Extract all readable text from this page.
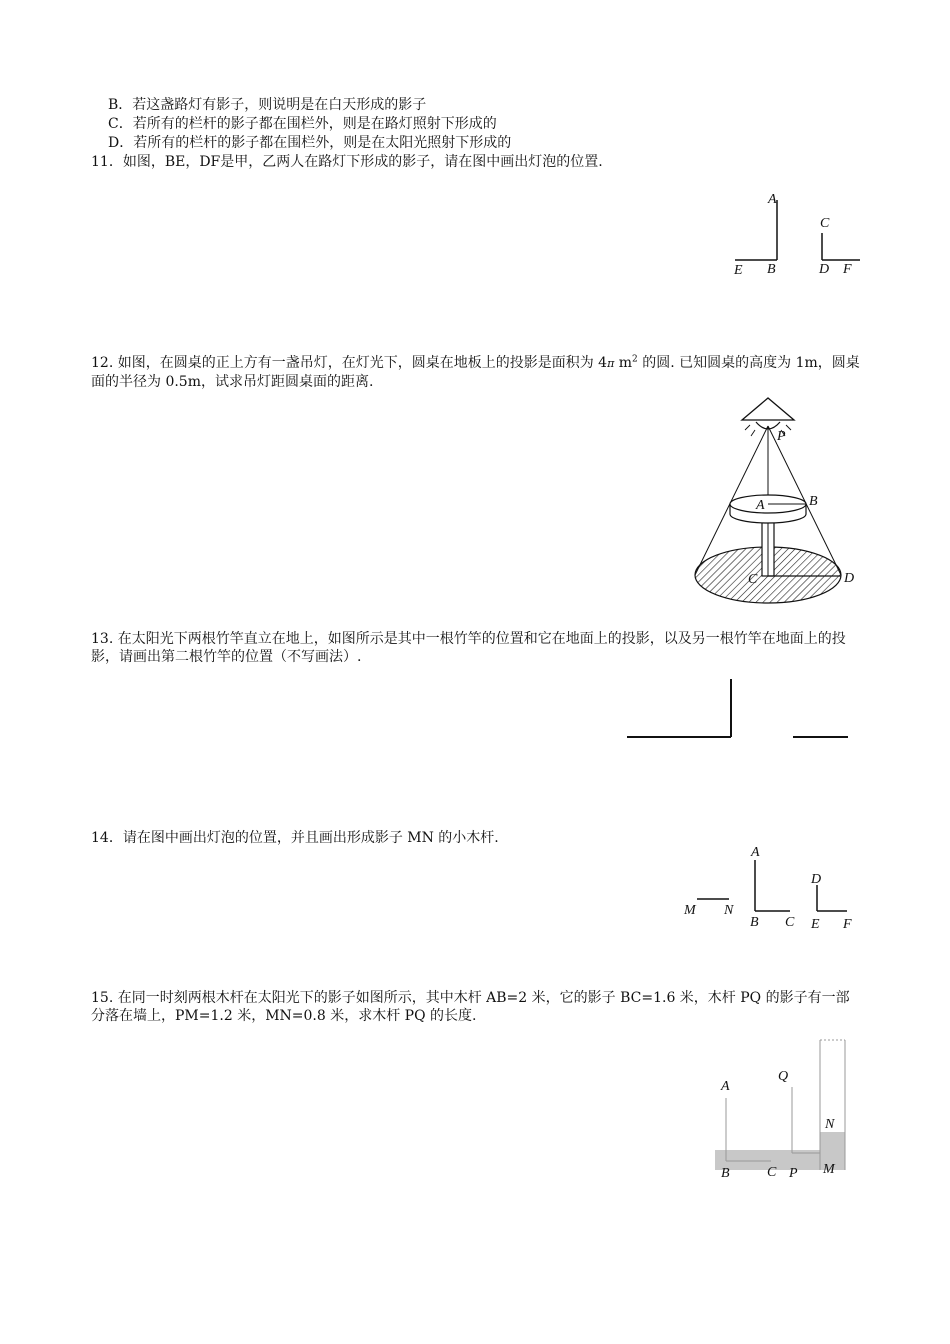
B．若这盏路灯有影子，则说明是在白天形成的影子
C．若所有的栏杆的影子都在围栏外，则是在路灯照射下形成的
D．若所有的栏杆的影子都在围栏外，则是在太阳光照射下形成的
11．如图，BE，DF是甲，乙两人在路灯下形成的影子，请在图中画出灯泡的位置.
A
B
C
D
E	F
12. 如图，在圆桌的正上方有一盏吊灯，在灯光下，圆桌在地板上的投影是面积为 4π $m^2$ 的圆. 已知圆桌的高度为 1m，圆桌面的半径为 0.5m，试求吊灯距圆桌面的距离.
P
A	B
C	D
13. 在太阳光下两根竹竿直立在地上，如图所示是其中一根竹竿的位置和它在地面上的投影，以及另一根竹竿在地面上的投影，请画出第二根竹竿的位置（不写画法）.
14．请在图中画出灯泡的位置，并且画出形成影子 MN 的小木杆.
A
B C
D
E F
M N
15. 在同一时刻两根木杆在太阳光下的影子如图所示，其中木杆 AB=2 米，它的影子 BC=1.6 米，木杆 PQ 的影子有一部分落在墙上，PM=1.2 米，MN=0.8 米，求木杆 PQ 的长度.
A
B	C P
Q
N
M
